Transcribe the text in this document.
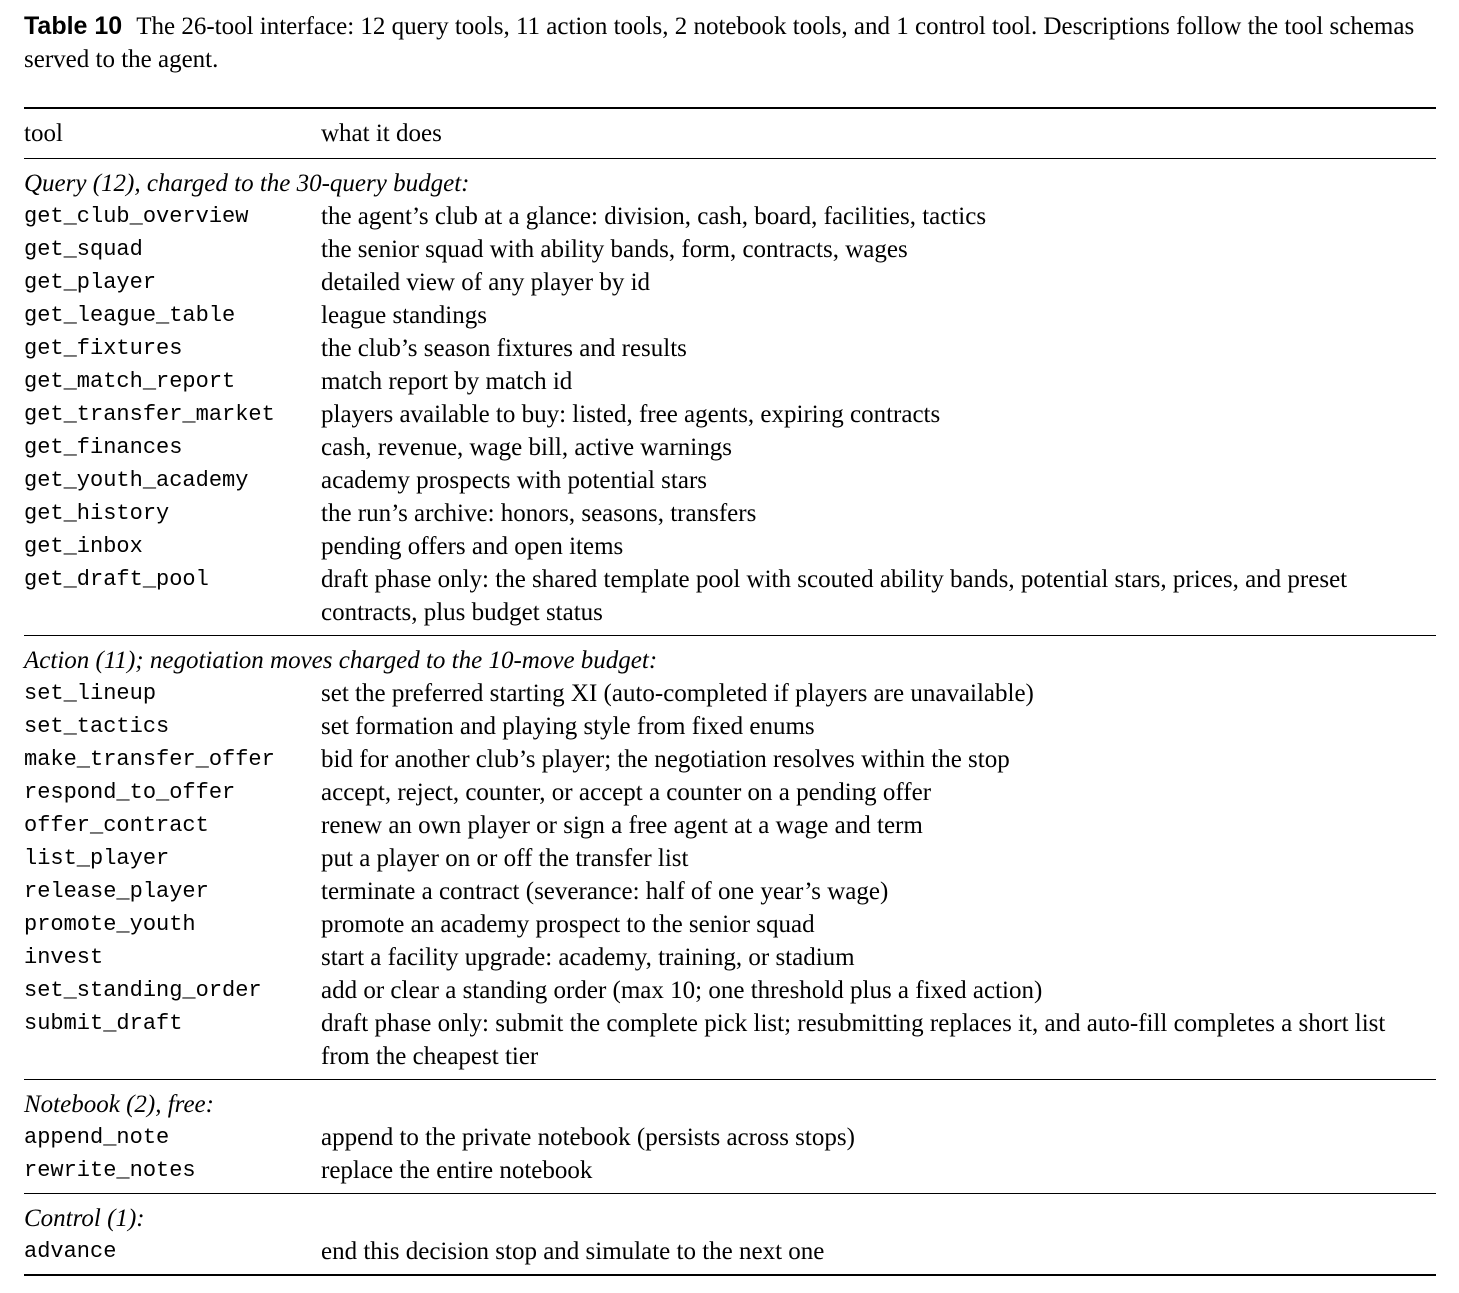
Table 10 The 26-tool interface: 12 query tools, 11 action tools, 2 notebook tools, and 1 control tool. Descriptions follow the tool schemas served to the agent.

tool	what it does
Query (12), charged to the 30-query budget:	
get_club_overview	the agent’s club at a glance: division, cash, board, facilities, tactics
get_squad	the senior squad with ability bands, form, contracts, wages
get_player	detailed view of any player by id
get_league_table	league standings
get_fixtures	the club’s season fixtures and results
get_match_report	match report by match id
get_transfer_market	players available to buy: listed, free agents, expiring contracts
get_finances	cash, revenue, wage bill, active warnings
get_youth_academy	academy prospects with potential stars
get_history	the run’s archive: honors, seasons, transfers
get_inbox	pending offers and open items
get_draft_pool	draft phase only: the shared template pool with scouted ability bands, potential stars, prices, and preset contracts, plus budget status
Action (11); negotiation moves charged to the 10-move budget:	
set_lineup	set the preferred starting XI (auto-completed if players are unavailable)
set_tactics	set formation and playing style from fixed enums
make_transfer_offer	bid for another club’s player; the negotiation resolves within the stop
respond_to_offer	accept, reject, counter, or accept a counter on a pending offer
offer_contract	renew an own player or sign a free agent at a wage and term
list_player	put a player on or off the transfer list
release_player	terminate a contract (severance: half of one year’s wage)
promote_youth	promote an academy prospect to the senior squad
invest	start a facility upgrade: academy, training, or stadium
set_standing_order	add or clear a standing order (max 10; one threshold plus a fixed action)
submit_draft	draft phase only: submit the complete pick list; resubmitting replaces it, and auto-fill completes a short list from the cheapest tier
Notebook (2), free:	
append_note	append to the private notebook (persists across stops)
rewrite_notes	replace the entire notebook
Control (1):	
advance	end this decision stop and simulate to the next one
